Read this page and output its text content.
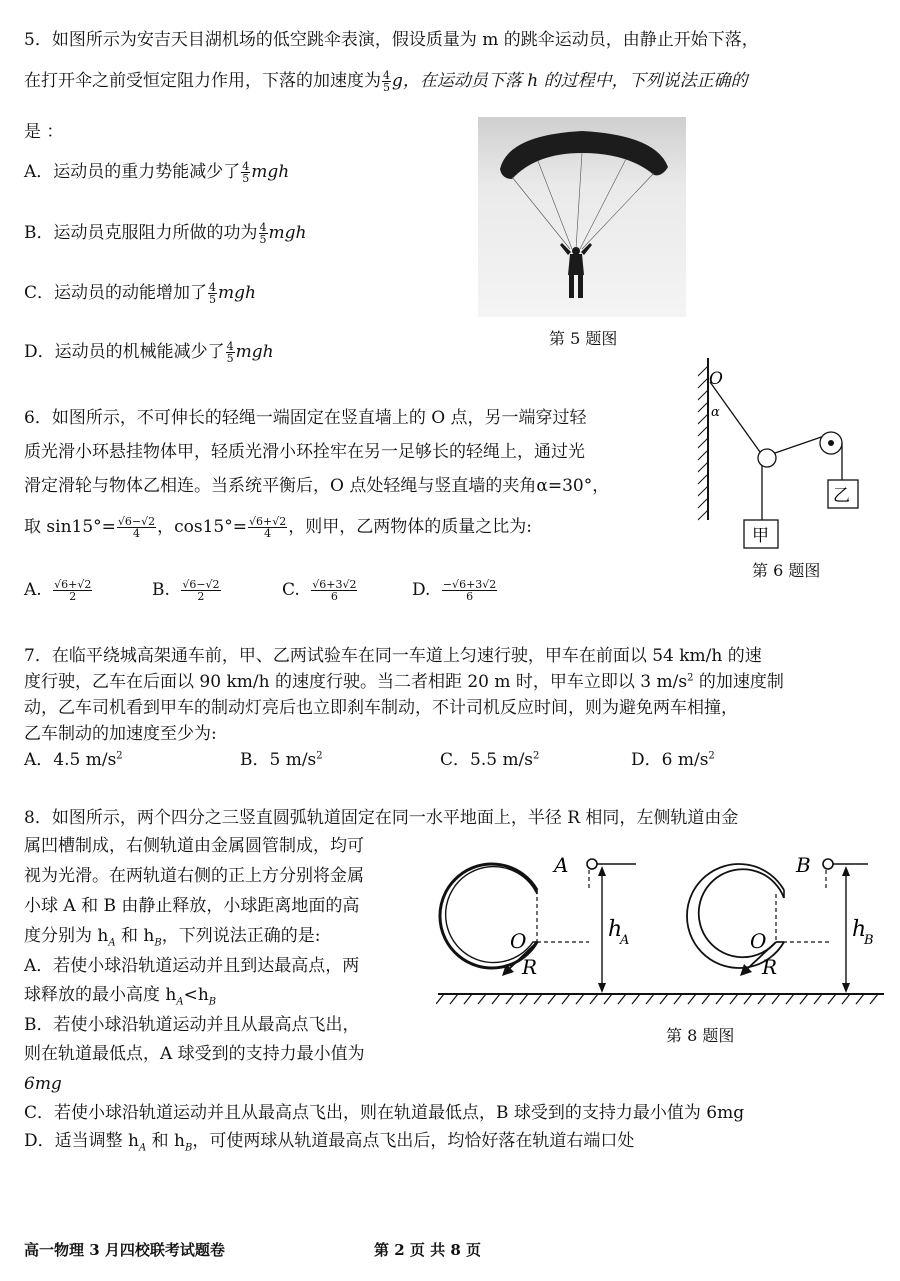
5．如图所示为安吉天目湖机场的低空跳伞表演，假设质量为 m 的跳伞运动员，由静止开始下落，
在打开伞之前受恒定阻力作用，下落的加速度为 $\frac{4}{5}$ g，在运动员下落 h 的过程中，下列说法正确的
是 ：
A．运动员的重力势能减少了 $\frac{4}{5}$ mgh
B．运动员克服阻力所做的功为 $\frac{4}{5}$ mgh
C．运动员的动能增加了 $\frac{4}{5}$ mgh
D．运动员的机械能减少了 $\frac{4}{5}$ mgh
第 5 题图
6．如图所示，不可伸长的轻绳一端固定在竖直墙上的 O 点，另一端穿过轻
质光滑小环悬挂物体甲，轻质光滑小环拴牢在另一足够长的轻绳上，通过光
滑定滑轮与物体乙相连。当系统平衡后，O 点处轻绳与竖直墙的夹角α=30°，
取 $\sin 15^\circ= \frac{√6-√2}{4}$ ，$\cos 15^\circ= \frac{√6+√2}{4}$ ，则甲，乙两物体的质量之比为:
A. $\frac{√6+√2}{2}$	B. $\frac{√6-√2}{2}$	C. $\frac{√6+3√2}{6}$	D. $\frac{-√6+3√2}{6}$
O
α
乙
甲
第 6 题图
7．在临平绕城高架通车前，甲、乙两试验车在同一车道上匀速行驶，甲车在前面以 54 km/h 的速
度行驶，乙车在后面以 90 km/h 的速度行驶。当二者相距 20 m 时，甲车立即以 3 $m/s^2$ 的加速度制
动，乙车司机看到甲车的制动灯亮后也立即刹车制动，不计司机反应时间，则为避免两车相撞，
乙车制动的加速度至少为:
A．4.5 $m/s^2$	B．5 $m/s^2$	C．5.5 $m/s^2$	D．6 $m/s^2$
8．如图所示，两个四分之三竖直圆弧轨道固定在同一水平地面上，半径 R 相同，左侧轨道由金
属凹槽制成，右侧轨道由金属圆管制成，均可
视为光滑。在两轨道右侧的正上方分别将金属
小球 A 和 B 由静止释放，小球距离地面的高
度分别为 $h_A$ 和 $h_B$，下列说法正确的是:
A．若使小球沿轨道运动并且到达最高点，两
球释放的最小高度 $h_A<h_B$
B．若使小球沿轨道运动并且从最高点飞出，
则在轨道最低点，A 球受到的支持力最小值为
6mg
C．若使小球沿轨道运动并且从最高点飞出，则在轨道最低点，B 球受到的支持力最小值为 6mg
D．适当调整 $h_A$ 和 $h_B$，可使两球从轨道最高点飞出后，均恰好落在轨道右端口处
O
R
A
h
A	O
R
B
h
B
第 8 题图
高一物理 3 月四校联考试题卷	第 2 页 共 8 页
